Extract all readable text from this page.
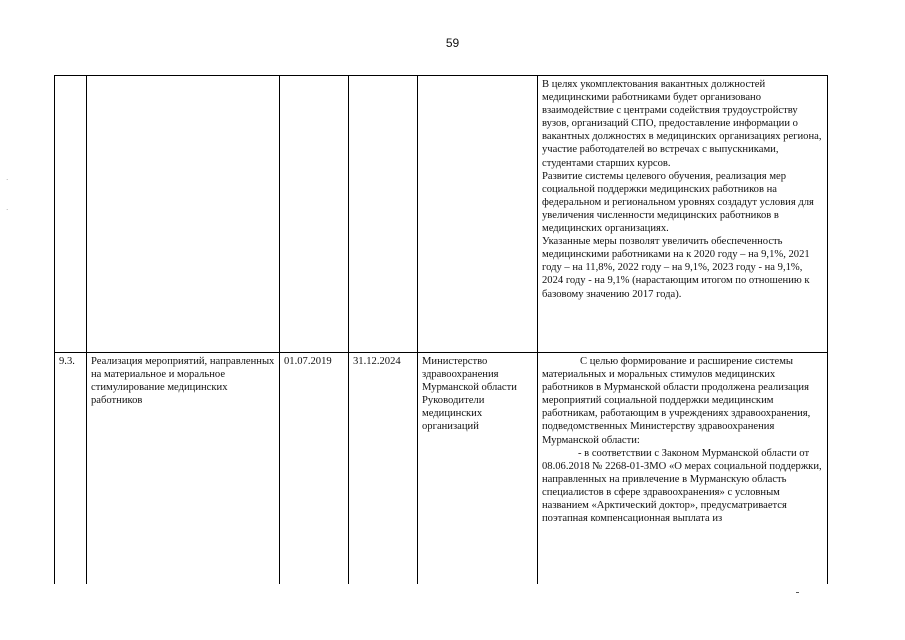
59
·

·

					В целях укомплектования вакантных должностей медицинскими работниками будет организовано взаимодействие с центрами содействия трудоустройству вузов, организаций СПО, предоставление информации о вакантных должностях в медицинских организациях региона, участие работодателей во встречах с выпускниками, студентами старших курсов.

Развитие системы целевого обучения, реализация мер социальной поддержки медицинских работников на федеральном и региональном уровнях создадут условия для увеличения численности медицинских работников в медицинских организациях.

Указанные меры позволят увеличить обеспеченность медицинскими работниками на к 2020 году – на 9,1%, 2021 году – на 11,8%, 2022 году – на 9,1%, 2023 году - на 9,1%, 2024 году - на 9,1% (нарастающим итогом по отношению к базовому значению 2017 года).

9.3.	Реализация мероприятий, направленных на материальное и моральное стимулирование медицинских работников	01.07.2019	31.12.2024	Министерство здравоохранения Мурманской области Руководители медицинских организаций	С целью формирование и расширение системы материальных и моральных стимулов медицинских работников в Мурманской области продолжена реализация мероприятий социальной поддержки медицинским работникам, работающим в учреждениях здравоохранения, подведомственных Министерству здравоохранения Мурманской области:

- в соответствии с Законом Мурманской области от 08.06.2018 № 2268-01-ЗМО «О мерах социальной поддержки, направленных на привлечение в Мурманскую область специалистов в сфере здравоохранения» с условным названием «Арктический доктор», предусматривается поэтапная компенсационная выплата из
